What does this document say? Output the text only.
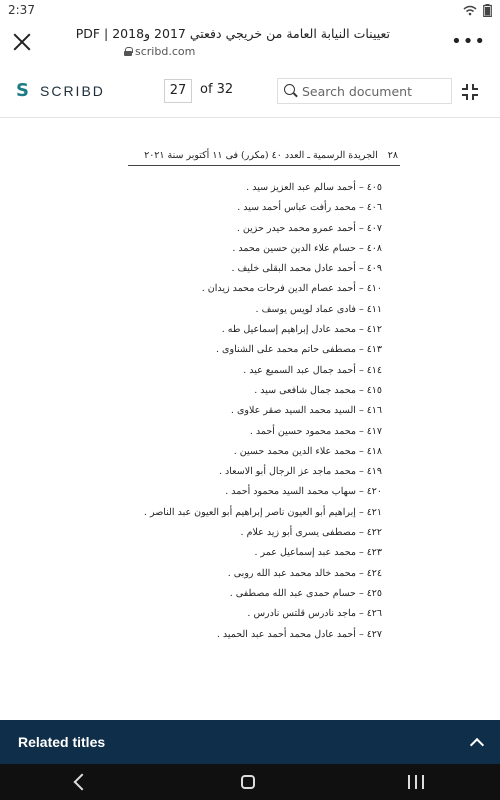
2:37
تعيينات النيابة العامة من خريجي دفعتي 2017 و2018 | PDF
scribd.com	•••
S SCRIBD	27	of 32	Search document
٢٨
الجريدة الرسمية ـ العدد ٤٠ (مكرر) فى ١١ أكتوبر سنة ٢٠٢١
٤٠٥–أحمد سالم عبد العزيز سيد .
٤٠٦–محمد رأفت عباس أحمد سيد .
٤٠٧–أحمد عمرو محمد حيدر حزين .
٤٠٨–حسام علاء الدين حسين محمد .
٤٠٩–أحمد عادل محمد البقلى خليف .
٤١٠–أحمد عصام الدين فرحات محمد زيدان .
٤١١–فادى عماد لويس يوسف .
٤١٢–محمد عادل إبراهيم إسماعيل طه .
٤١٣–مصطفى حاتم محمد على الشناوى .
٤١٤–أحمد جمال عبد السميع عيد .
٤١٥–محمد جمال شافعى سيد .
٤١٦–السيد محمد السيد صقر علاوى .
٤١٧–محمد محمود حسين أحمد .
٤١٨–محمد علاء الدين محمد حسين .
٤١٩–محمد ماجد عز الرجال أبو الاسعاد .
٤٢٠–سهاب محمد السيد محمود أحمد .
٤٢١–إبراهيم أبو العيون ناصر إبراهيم أبو العيون عبد الناصر .
٤٢٢–مصطفى يسرى أبو زيد علام .
٤٢٣–محمد عبد إسماعيل عمر .
٤٢٤–محمد خالد محمد عبد الله روبى .
٤٢٥–حسام حمدى عبد الله مصطفى .
٤٢٦–ماجد نادرس قلتس نادرس .
٤٢٧–أحمد عادل محمد أحمد عبد الحميد .
Related titles
